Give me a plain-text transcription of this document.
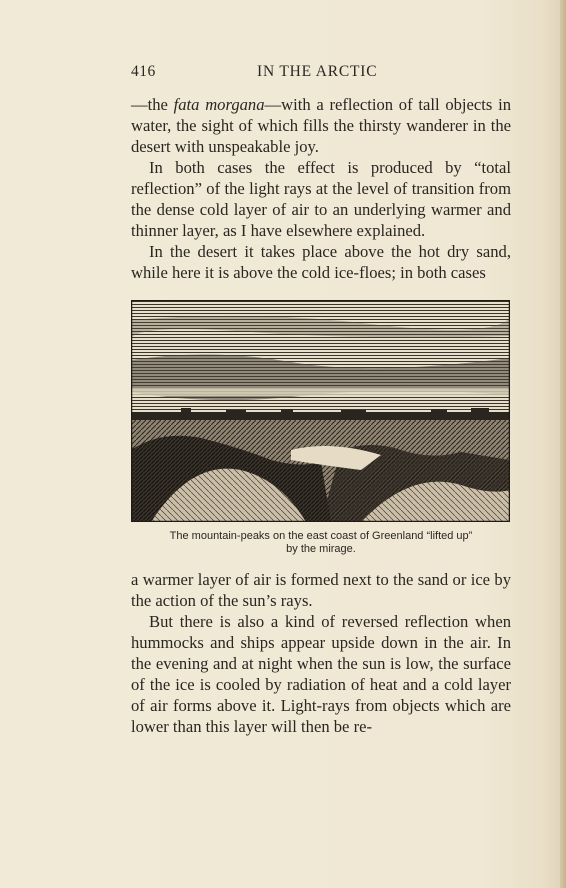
416	IN THE ARCTIC

—the fata morgana—with a reflection of tall objects in water, the sight of which fills the thirsty wanderer in the desert with unspeakable joy.

In both cases the effect is produced by “total reflection” of the light rays at the level of transition from the dense cold layer of air to an underlying warmer and thinner layer, as I have elsewhere explained.

In the desert it takes place above the hot dry sand, while here it is above the cold ice-floes; in both cases

The mountain-peaks on the east coast of Greenland “lifted up”
by the mirage.

a warmer layer of air is formed next to the sand or ice by the action of the sun’s rays.

But there is also a kind of reversed reflection when hummocks and ships appear upside down in the air. In the evening and at night when the sun is low, the surface of the ice is cooled by radiation of heat and a cold layer of air forms above it. Light-rays from objects which are lower than this layer will then be re-
